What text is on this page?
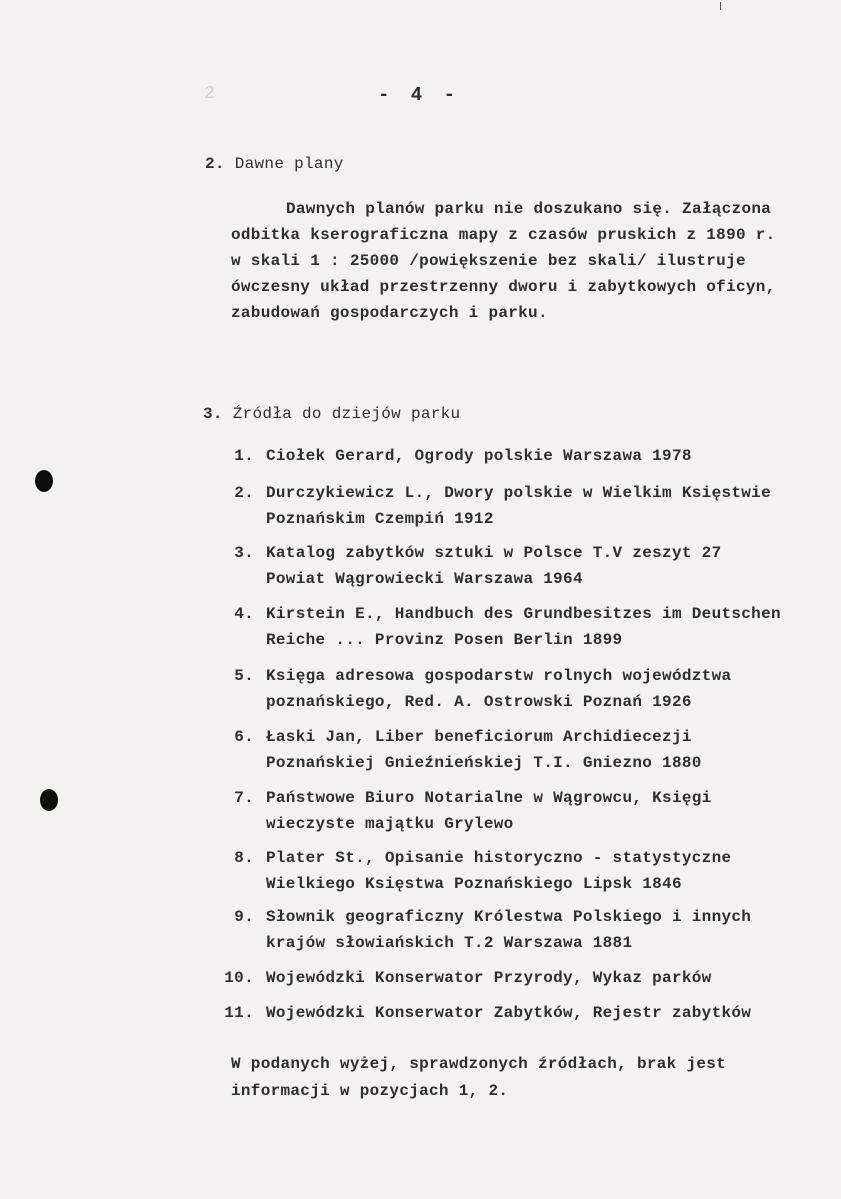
2	- 4 -
2. Dawne plany
Dawnych planów parku nie doszukano się. Załączona
odbitka kserograficzna mapy z czasów pruskich z 1890 r.
w skali 1 : 25000 /powiększenie bez skali/ ilustruje
ówczesny układ przestrzenny dworu i zabytkowych oficyn,
zabudowań gospodarczych i parku.
3. Źródła do dziejów parku
1. Ciołek Gerard, Ogrody polskie Warszawa 1978
2. Durczykiewicz L., Dwory polskie w Wielkim Księstwie
Poznańskim Czempiń 1912
3. Katalog zabytków sztuki w Polsce T.V zeszyt 27
Powiat Wągrowiecki Warszawa 1964
4. Kirstein E., Handbuch des Grundbesitzes im Deutschen
Reiche ... Provinz Posen Berlin 1899
5. Księga adresowa gospodarstw rolnych województwa
poznańskiego, Red. A. Ostrowski Poznań 1926
6. Łaski Jan, Liber beneficiorum Archidiecezji
Poznańskiej Gnieźnieńskiej T.I. Gniezno 1880
7. Państwowe Biuro Notarialne w Wągrowcu, Księgi
wieczyste majątku Grylewo
8. Plater St., Opisanie historyczno - statystyczne
Wielkiego Księstwa Poznańskiego Lipsk 1846
9. Słownik geograficzny Królestwa Polskiego i innych
krajów słowiańskich T.2 Warszawa 1881
10. Wojewódzki Konserwator Przyrody, Wykaz parków
11. Wojewódzki Konserwator Zabytków, Rejestr zabytków
W podanych wyżej, sprawdzonych źródłach, brak jest
informacji w pozycjach 1, 2.
